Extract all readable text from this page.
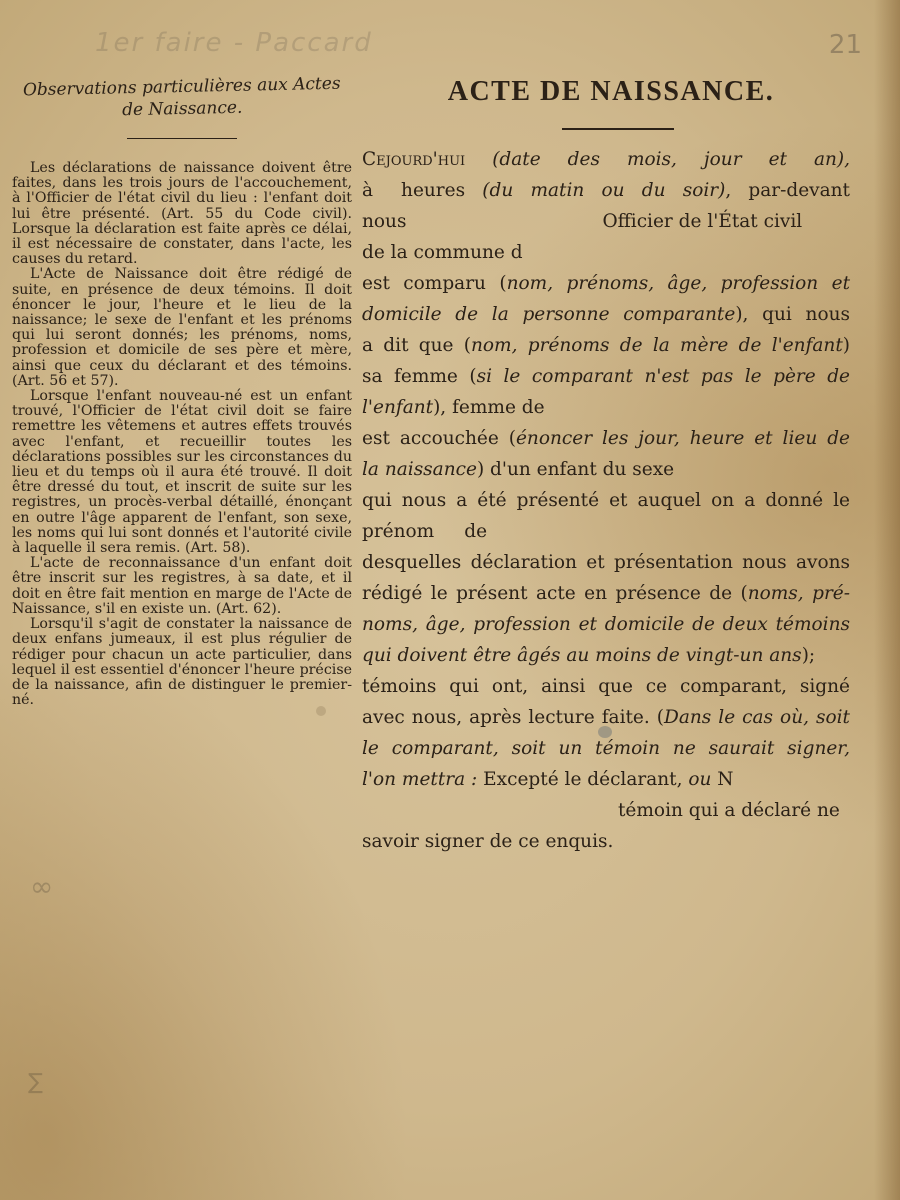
1er faire - Paccard	21
∞
∑
Observations particulières aux Actes de Naissance.

Les déclarations de naissance doivent être faites, dans les trois jours de l'accouchement, à l'Officier de l'état civil du lieu : l'enfant doit lui être présenté. (Art. 55 du Code civil). Lorsque la déclaration est faite après ce délai, il est nécessaire de constater, dans l'acte, les causes du retard.

L'Acte de Naissance doit être rédigé de suite, en présence de deux témoins. Il doit énoncer le jour, l'heure et le lieu de la naissance; le sexe de l'enfant et les prénoms qui lui seront donnés; les prénoms, noms, profession et domicile de ses père et mère, ainsi que ceux du déclarant et des témoins. (Art. 56 et 57).

Lorsque l'enfant nouveau-né est un enfant trouvé, l'Officier de l'état civil doit se faire remettre les vêtemens et autres effets trouvés avec l'enfant, et recueillir toutes les déclarations possibles sur les circonstances du lieu et du temps où il aura été trouvé. Il doit être dressé du tout, et inscrit de suite sur les registres, un procès-verbal détaillé, énonçant en outre l'âge apparent de l'enfant, son sexe, les noms qui lui sont donnés et l'autorité civile à laquelle il sera remis. (Art. 58).

L'acte de reconnaissance d'un enfant doit être inscrit sur les registres, à sa date, et il doit en être fait mention en marge de l'Acte de Naissance, s'il en existe un. (Art. 62).

Lorsqu'il s'agit de constater la naissance de deux enfans jumeaux, il est plus régulier de rédiger pour chacun un acte particulier, dans lequel il est essentiel d'énoncer l'heure précise de la naissance, afin de distinguer le premier-né.

ACTE DE NAISSANCE.
Cejourd'hui (date des mois, jour et an),
à heures (du matin ou du soir), par-devant
nous	Officier de l'État civil
de la commune d
est comparu (nom, prénoms, âge, profession et
domicile de la personne comparante), qui nous
a dit que (nom, prénoms de la mère de l'enfant)
sa femme (si le comparant n'est pas le père de
l'enfant), femme de
est accouchée (énoncer les jour, heure et lieu de
la naissance) d'un enfant du sexe
qui nous a été présenté et auquel on a donné le
prénom de
desquelles déclaration et présentation nous avons
rédigé le présent acte en présence de (noms, pré-
noms, âge, profession et domicile de deux témoins
qui doivent être âgés au moins de vingt-un ans);
témoins qui ont, ainsi que ce comparant, signé
avec nous, après lecture faite. (Dans le cas où, soit
le comparant, soit un témoin ne saurait signer,
l'on mettra : Excepté le déclarant, ou N
témoin qui a déclaré ne
savoir signer de ce enquis.
